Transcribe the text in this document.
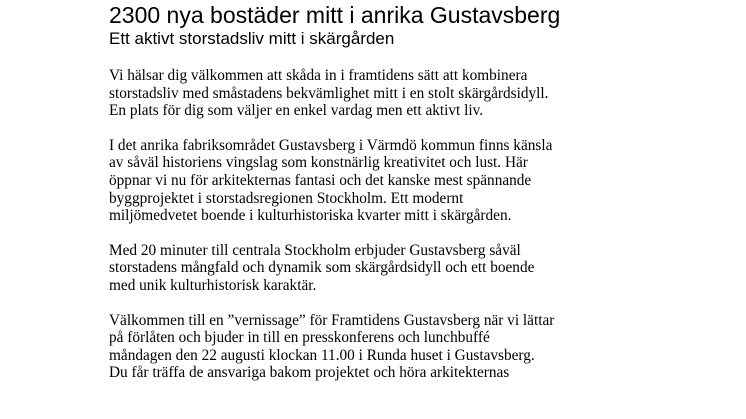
2300 nya bostäder mitt i anrika Gustavsberg
Ett aktivt storstadsliv mitt i skärgården

Vi hälsar dig välkommen att skåda in i framtidens sätt att kombinera
storstadsliv med småstadens bekvämlighet mitt i en stolt skärgårdsidyll.
En plats för dig som väljer en enkel vardag men ett aktivt liv.

I det anrika fabriksområdet Gustavsberg i Värmdö kommun finns känsla
av såväl historiens vingslag som konstnärlig kreativitet och lust. Här
öppnar vi nu för arkitekternas fantasi och det kanske mest spännande
byggprojektet i storstadsregionen Stockholm. Ett modernt
miljömedvetet boende i kulturhistoriska kvarter mitt i skärgården.

Med 20 minuter till centrala Stockholm erbjuder Gustavsberg såväl
storstadens mångfald och dynamik som skärgårdsidyll och ett boende
med unik kulturhistorisk karaktär.

Välkommen till en ”vernissage” för Framtidens Gustavsberg när vi lättar
på förlåten och bjuder in till en presskonferens och lunchbuffé
måndagen den 22 augusti klockan 11.00 i Runda huset i Gustavsberg.
Du får träffa de ansvariga bakom projektet och höra arkitekternas
